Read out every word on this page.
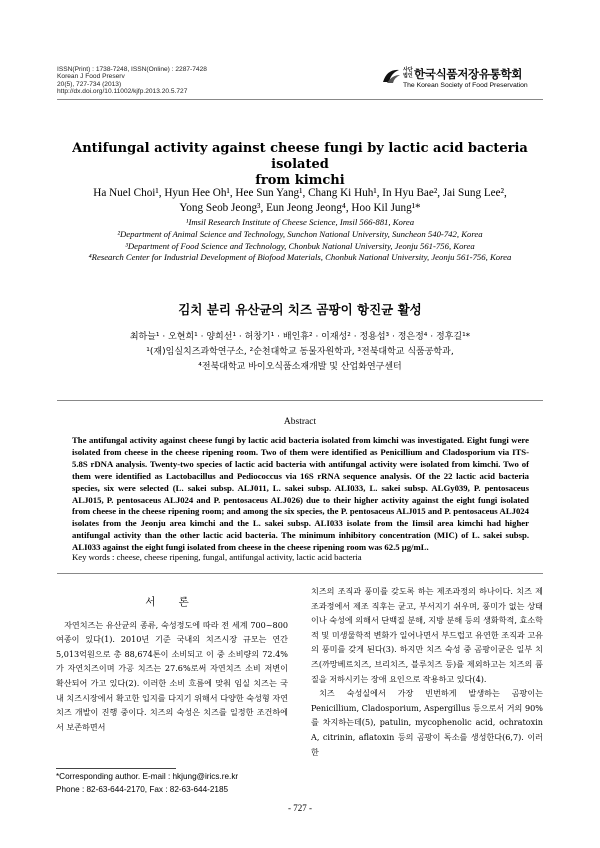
ISSN(Print) : 1738-7248, ISSN(Online) : 2287-7428
Korean J Food Preserv
20(5), 727-734 (2013)
http://dx.doi.org/10.11002/kjfp.2013.20.5.727
사단 법인 한국식품저장유통학회
The Korean Society of Food Preservation
Antifungal activity against cheese fungi by lactic acid bacteria isolated
from kimchi
Ha Nuel Choi¹, Hyun Hee Oh¹, Hee Sun Yang¹, Chang Ki Huh¹, In Hyu Bae², Jai Sung Lee²,
Yong Seob Jeong³, Eun Jeong Jeong⁴, Hoo Kil Jung¹*
¹Imsil Research Institute of Cheese Science, Imsil 566-881, Korea
²Department of Animal Science and Technology, Sunchon National University, Suncheon 540-742, Korea
³Department of Food Science and Technology, Chonbuk National University, Jeonju 561-756, Korea
⁴Research Center for Industrial Development of Biofood Materials, Chonbuk National University, Jeonju 561-756, Korea
김치 분리 유산균의 치즈 곰팡이 항진균 활성
최하늘¹ · 오현희¹ · 양희선¹ · 허창기¹ · 배인휴² · 이재성² · 정용섭³ · 정은정⁴ · 정후길¹*
¹(재)임실치즈과학연구소, ²순천대학교 동물자원학과, ³전북대학교 식품공학과,
⁴전북대학교 바이오식품소재개발 및 산업화연구센터
Abstract
The antifungal activity against cheese fungi by lactic acid bacteria isolated from kimchi was investigated. Eight fungi were isolated from cheese in the cheese ripening room. Two of them were identified as Penicillium and Cladosporium via ITS-5.8S rDNA analysis. Twenty-two species of lactic acid bacteria with antifungal activity were isolated from kimchi. Two of them were identified as Lactobacillus and Pediococcus via 16S rRNA sequence analysis. Of the 22 lactic acid bacteria species, six were selected (L. sakei subsp. ALJ011, L. sakei subsp. ALI033, L. sakei subsp. ALGy039, P. pentosaceus ALJ015, P. pentosaceus ALJ024 and P. pentosaceus ALJ026) due to their higher activity against the eight fungi isolated from cheese in the cheese ripening room; and among the six species, the P. pentosaceus ALJ015 and P. pentosaceus ALJ024 isolates from the Jeonju area kimchi and the L. sakei subsp. ALI033 isolate from the Iimsil area kimchi had higher antifungal activity than the other lactic acid bacteria. The minimum inhibitory concentration (MIC) of L. sakei subsp. ALI033 against the eight fungi isolated from cheese in the cheese ripening room was 62.5 μg/mL.
Key words : cheese, cheese ripening, fungal, antifungal activity, lactic acid bacteria
서 론

자연치즈는 유산균의 종류, 숙성정도에 따라 전 세계 700~800여종이 있다(1). 2010년 기준 국내의 치즈시장 규모는 연간 5,013억원으로 총 88,674톤이 소비되고 이 중 소비량의 72.4%가 자연치즈이며 가공 치즈는 27.6%로써 자연치즈 소비 저변이 확산되어 가고 있다(2). 이러한 소비 흐름에 맞춰 임실 치즈는 국내 치즈시장에서 확고한 입지를 다지기 위해서 다양한 숙성형 자연치즈 개발이 진행 중이다. 치즈의 숙성은 치즈를 일정한 조건하에서 보존하면서

치즈의 조직과 풍미를 갖도록 하는 제조과정의 하나이다. 치즈 제조과정에서 제조 직후는 균고, 부서지기 쉬우며, 풍미가 없는 상태이나 숙성에 의해서 단백질 분해, 지방 분해 등의 생화학적, 효소학적 및 미생물학적 변화가 일어나면서 부드럽고 유연한 조직과 고유의 풍미를 갖게 된다(3). 하지만 치즈 숙성 중 곰팡이균은 일부 치즈(까망베르치즈, 브리치즈, 블루치즈 등)를 제외하고는 치즈의 품질을 저하시키는 장애 요인으로 작용하고 있다(4).

치즈 숙성실에서 가장 빈번하게 발생하는 곰팡이는 Penicillium, Cladosporium, Aspergillus 등으로서 거의 90%를 차지하는데(5), patulin, mycophenolic acid, ochratoxin A, citrinin, aflatoxin 등의 곰팡이 독소를 생성한다(6,7). 이러한

*Corresponding author. E-mail : hkjung@irics.re.kr
Phone : 82-63-644-2170, Fax : 82-63-644-2185
- 727 -
